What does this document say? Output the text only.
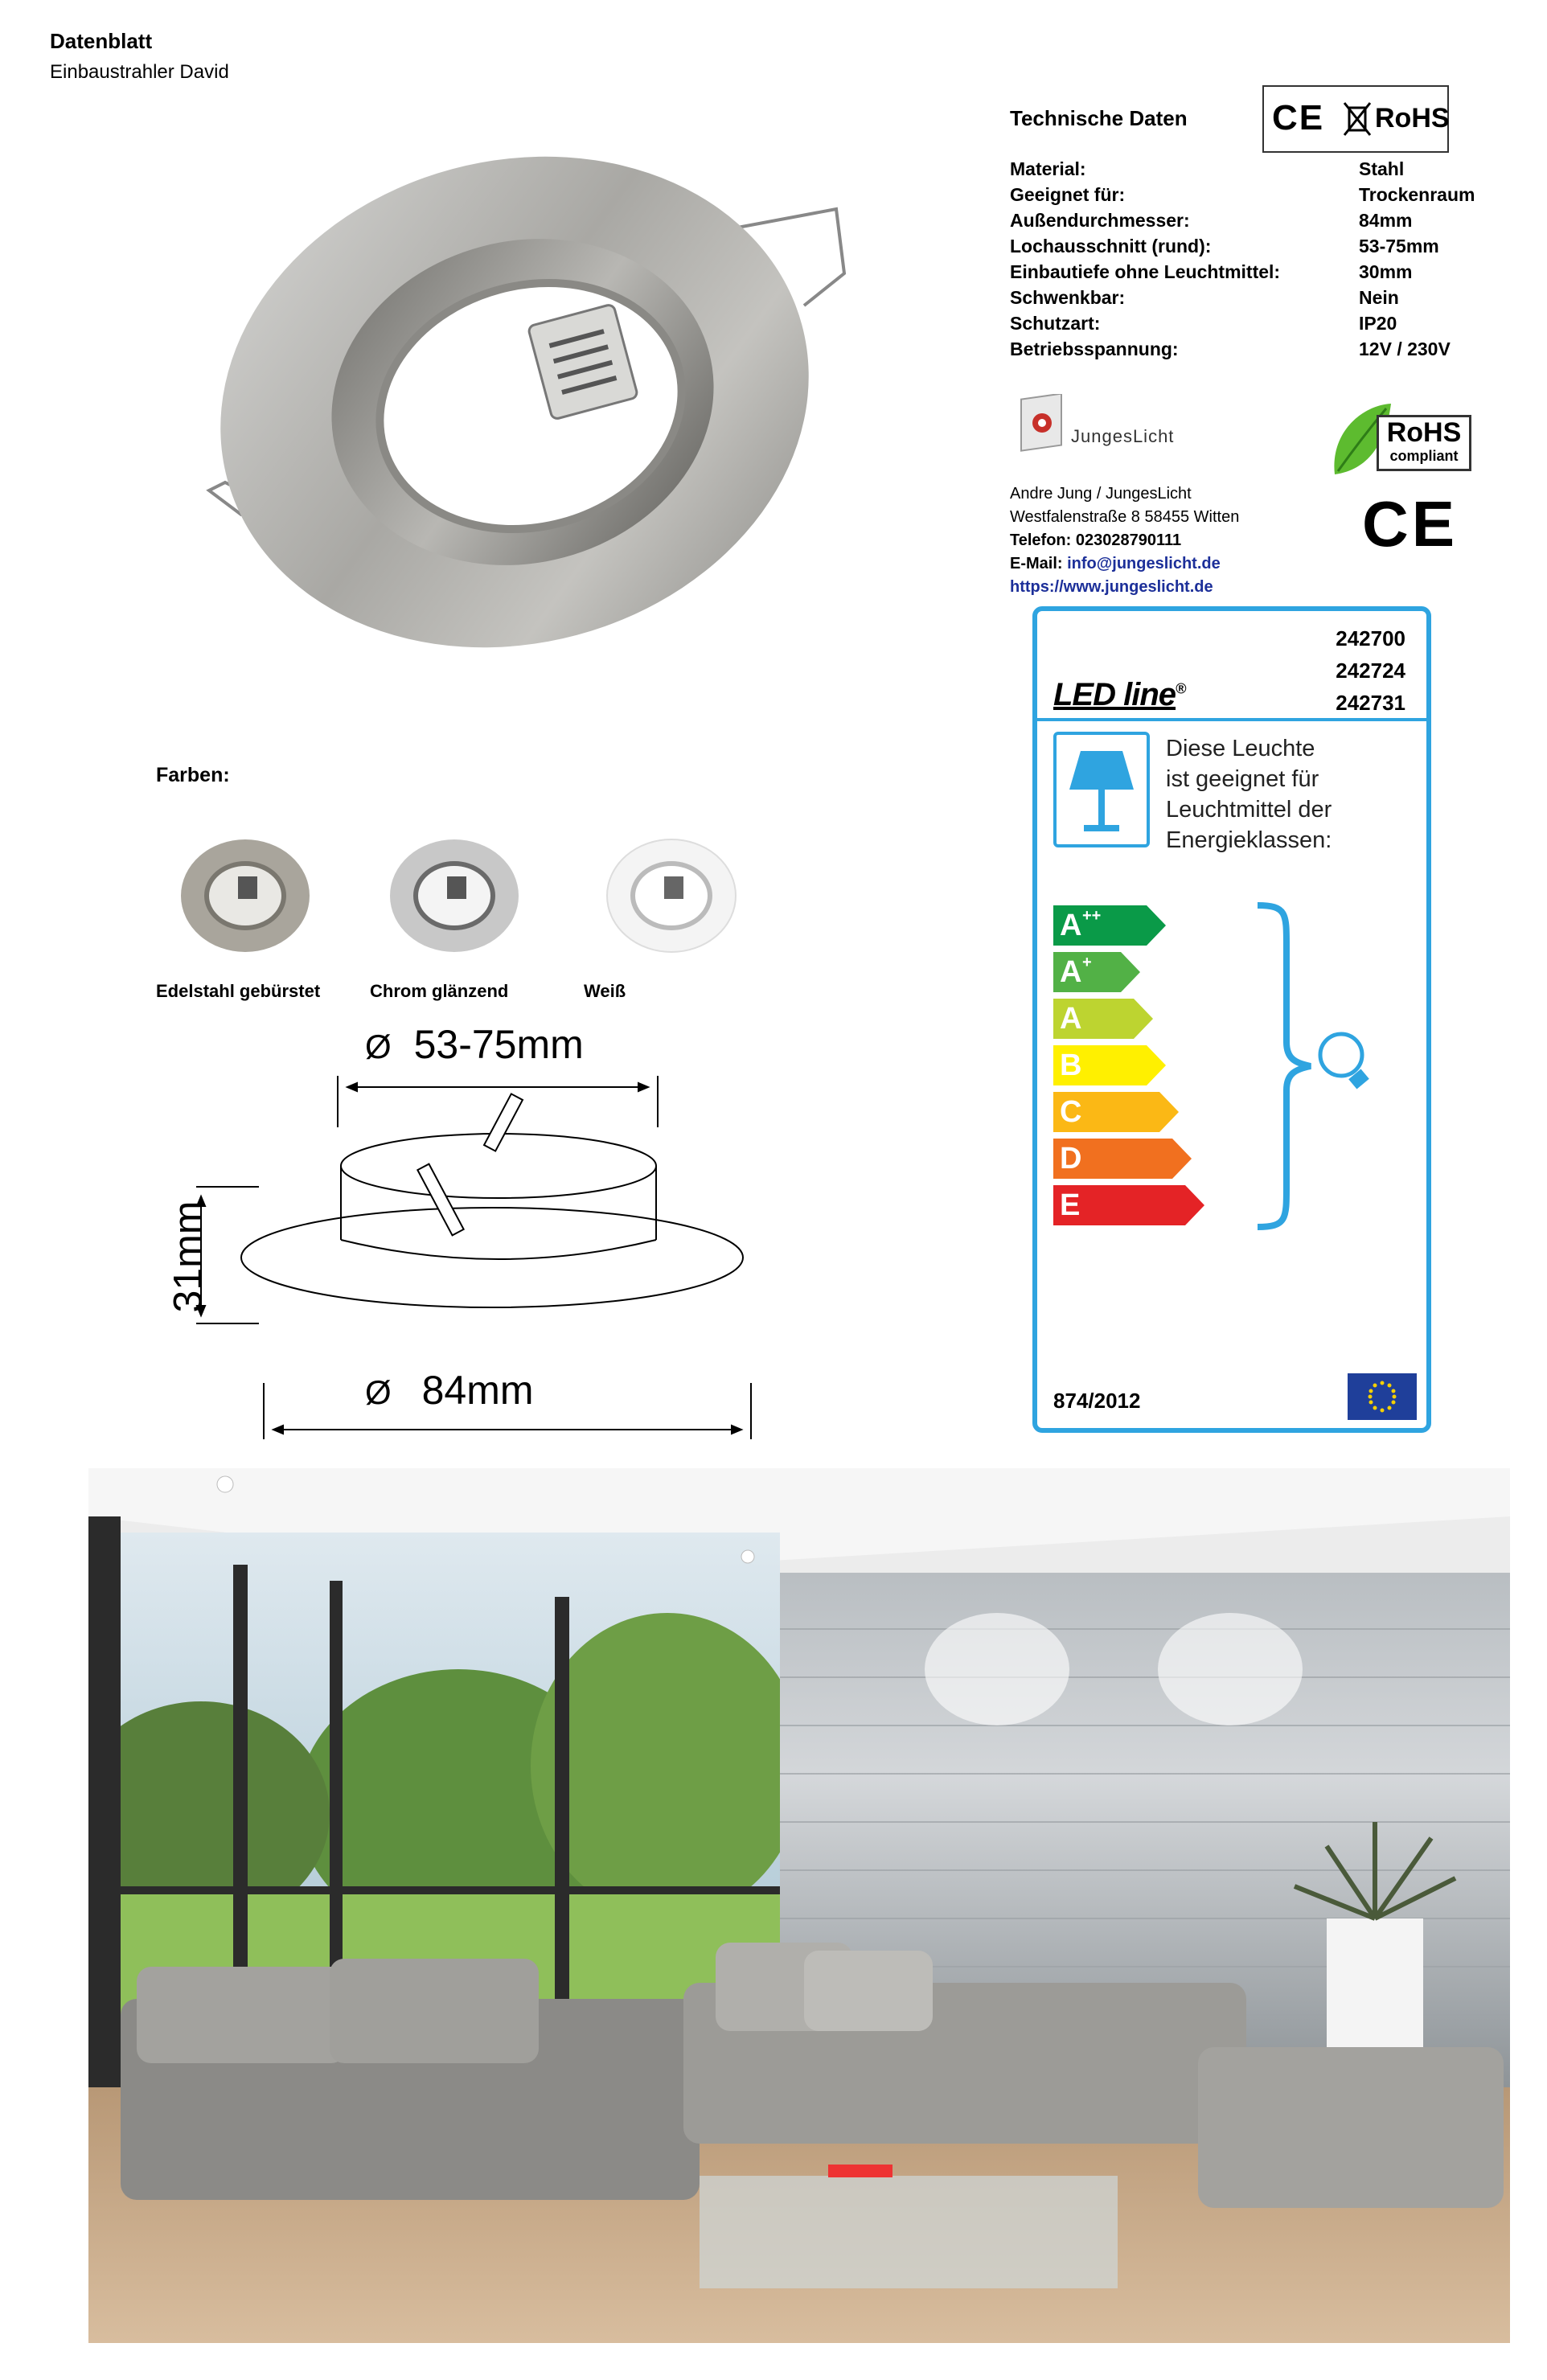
Datenblatt
Einbaustrahler David
Technische Daten CE RoHS
Material:	Stahl
Geeignet für:	Trockenraum
Außendurchmesser:	84mm
Lochausschnitt (rund):	53-75mm
Einbautiefe ohne Leuchtmittel:	30mm
Schwenkbar:	Nein
Schutzart:	IP20
Betriebsspannung:	12V / 230V
JungesLicht
Andre Jung / JungesLicht
Westfalenstraße 8 58455 Witten
Telefon: 023028790111
E-Mail: info@jungeslicht.de
https://www.jungeslicht.de
RoHS
compliant
CE
LED line®
242700
242724
242731
Diese Leuchte
ist geeignet für
Leuchtmittel der
Energieklassen:
A ++
A +
A
B
C
D
E
874/2012
Farben:
Edelstahl gebürstet	Chrom glänzend	Weiß
Ø 53-75mm
31mm
Ø 84mm
